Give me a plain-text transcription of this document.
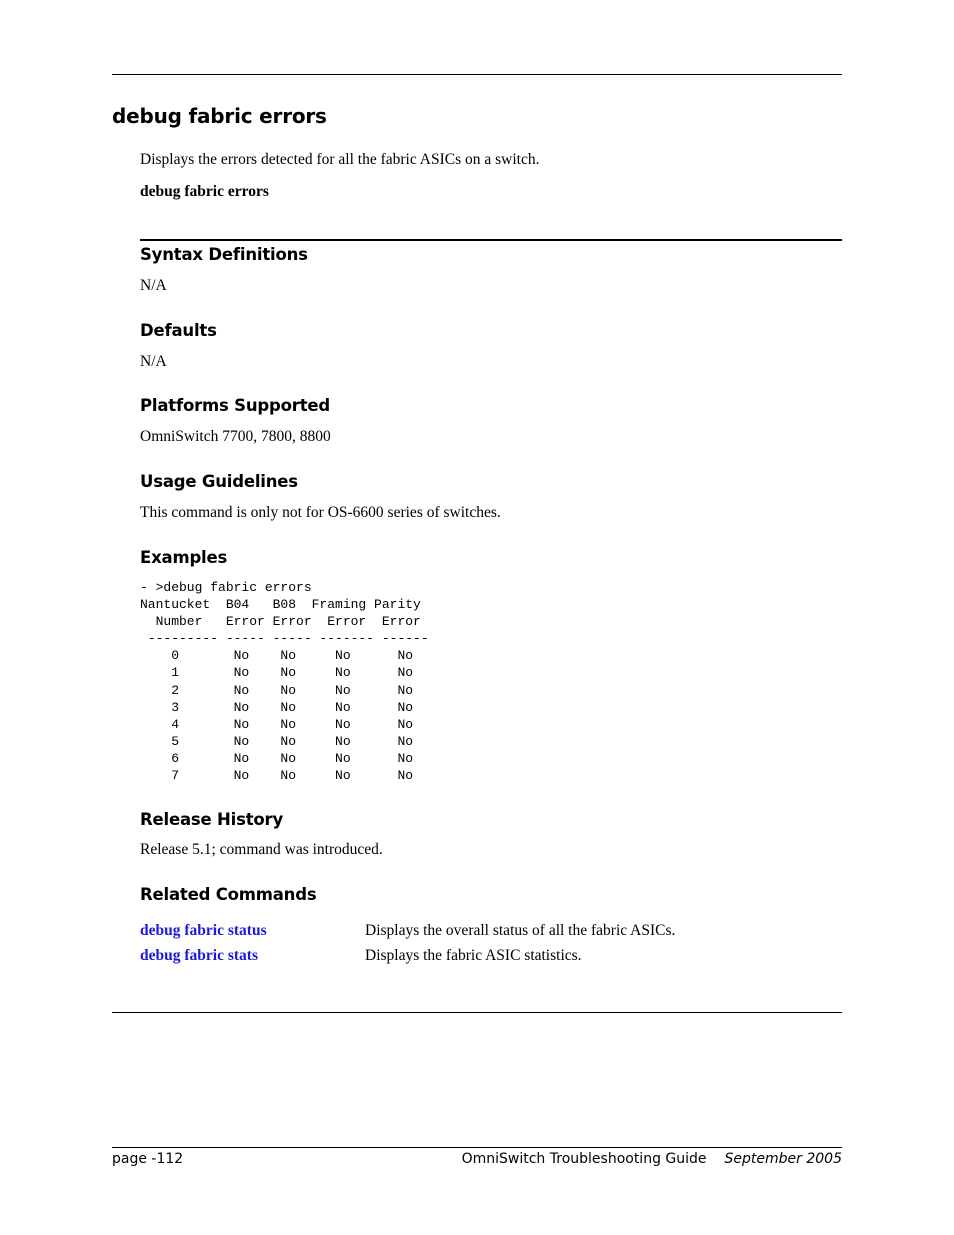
debug fabric errors

Displays the errors detected for all the fabric ASICs on a switch.

debug fabric errors

Syntax Definitions

N/A

Defaults

N/A

Platforms Supported

OmniSwitch 7700, 7800, 8800

Usage Guidelines

This command is only not for OS-6600 series of switches.

Examples
- >debug fabric errors
Nantucket  B04   B08  Framing Parity
Number   Error Error  Error  Error
--------- ----- ----- ------- ------
0       No    No     No      No
1       No    No     No      No
2       No    No     No      No
3       No    No     No      No
4       No    No     No      No
5       No    No     No      No
6       No    No     No      No
7       No    No     No      No
Release History

Release 5.1; command was introduced.

Related Commands
debug fabric status	Displays the overall status of all the fabric ASICs.

debug fabric stats	Displays the fabric ASIC statistics.

page -112	OmniSwitch Troubleshooting Guide September 2005
